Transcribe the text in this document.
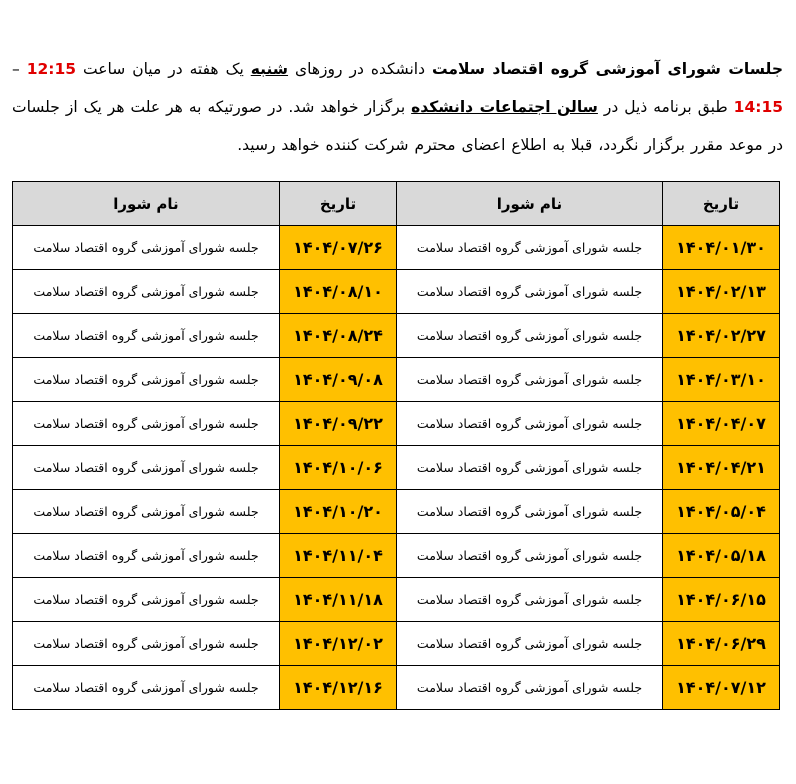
جلسات شورای آموزشی گروه اقتصاد سلامت دانشکده در روزهای شنبه یک هفته در میان ساعت 12:15 – 14:15 طبق برنامه ذیل در سالن اجتماعات دانشکده برگزار خواهد شد. در صورتیکه به هر علت هر یک از جلسات در موعد مقرر برگزار نگردد، قبلا به اطلاع اعضای محترم شرکت کننده خواهد رسید.
تاریخ	نام شورا	تاریخ	نام شورا
۱۴۰۴/۰۱/۳۰	جلسه شورای آموزشی گروه اقتصاد سلامت	۱۴۰۴/۰۷/۲۶	جلسه شورای آموزشی گروه اقتصاد سلامت
۱۴۰۴/۰۲/۱۳	جلسه شورای آموزشی گروه اقتصاد سلامت	۱۴۰۴/۰۸/۱۰	جلسه شورای آموزشی گروه اقتصاد سلامت
۱۴۰۴/۰۲/۲۷	جلسه شورای آموزشی گروه اقتصاد سلامت	۱۴۰۴/۰۸/۲۴	جلسه شورای آموزشی گروه اقتصاد سلامت
۱۴۰۴/۰۳/۱۰	جلسه شورای آموزشی گروه اقتصاد سلامت	۱۴۰۴/۰۹/۰۸	جلسه شورای آموزشی گروه اقتصاد سلامت
۱۴۰۴/۰۴/۰۷	جلسه شورای آموزشی گروه اقتصاد سلامت	۱۴۰۴/۰۹/۲۲	جلسه شورای آموزشی گروه اقتصاد سلامت
۱۴۰۴/۰۴/۲۱	جلسه شورای آموزشی گروه اقتصاد سلامت	۱۴۰۴/۱۰/۰۶	جلسه شورای آموزشی گروه اقتصاد سلامت
۱۴۰۴/۰۵/۰۴	جلسه شورای آموزشی گروه اقتصاد سلامت	۱۴۰۴/۱۰/۲۰	جلسه شورای آموزشی گروه اقتصاد سلامت
۱۴۰۴/۰۵/۱۸	جلسه شورای آموزشی گروه اقتصاد سلامت	۱۴۰۴/۱۱/۰۴	جلسه شورای آموزشی گروه اقتصاد سلامت
۱۴۰۴/۰۶/۱۵	جلسه شورای آموزشی گروه اقتصاد سلامت	۱۴۰۴/۱۱/۱۸	جلسه شورای آموزشی گروه اقتصاد سلامت
۱۴۰۴/۰۶/۲۹	جلسه شورای آموزشی گروه اقتصاد سلامت	۱۴۰۴/۱۲/۰۲	جلسه شورای آموزشی گروه اقتصاد سلامت
۱۴۰۴/۰۷/۱۲	جلسه شورای آموزشی گروه اقتصاد سلامت	۱۴۰۴/۱۲/۱۶	جلسه شورای آموزشی گروه اقتصاد سلامت
